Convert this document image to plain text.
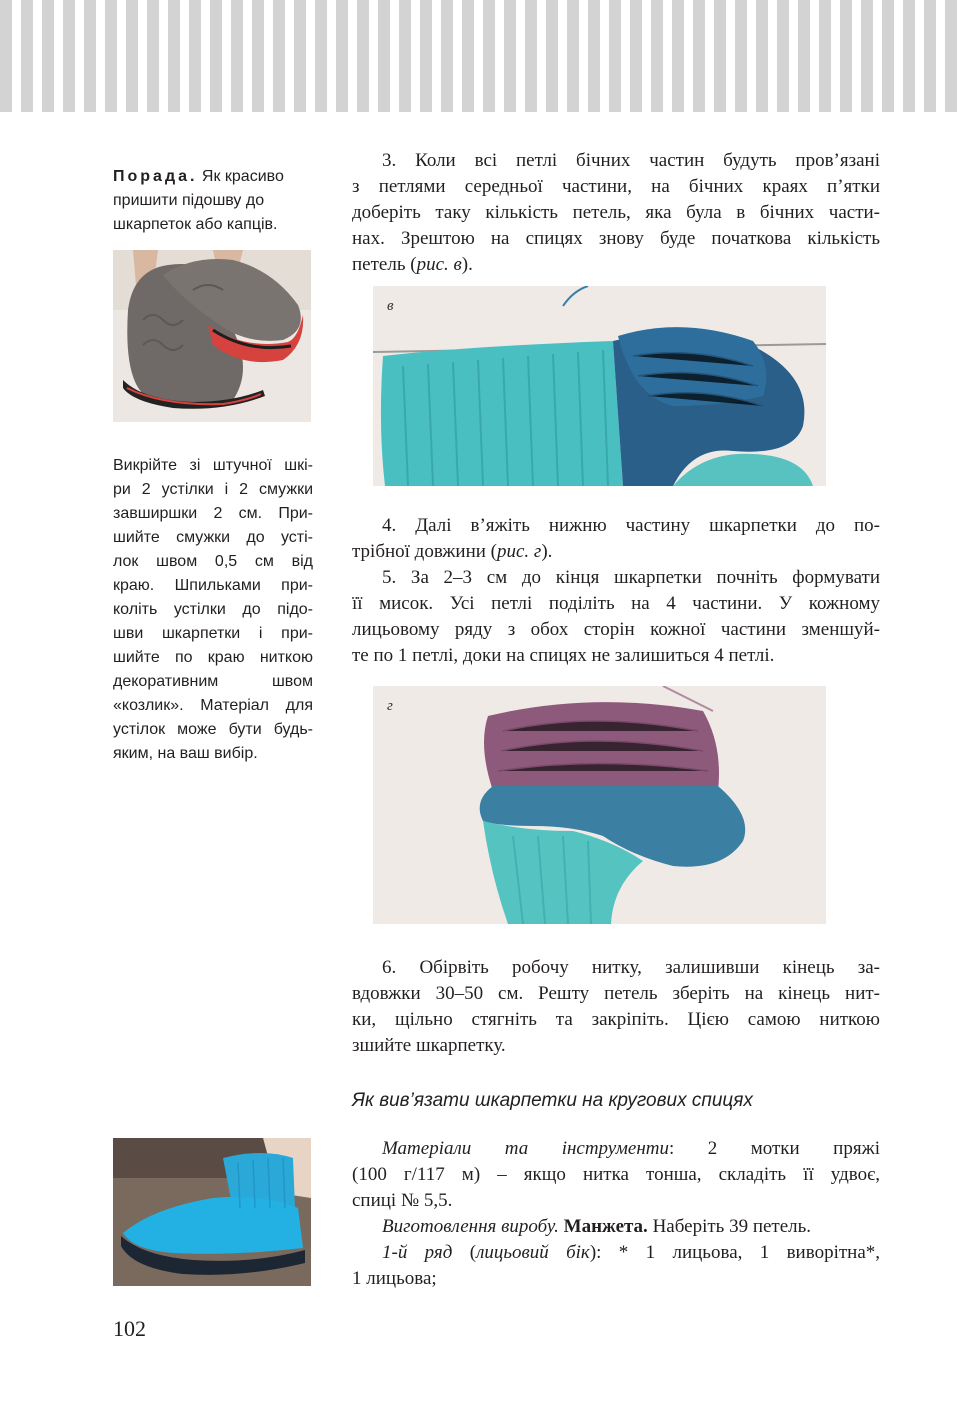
Порада. Як красиво
пришити підошву до
шкарпеток або капців.
Викрійте зі штучної шкі-
ри 2 устілки і 2 смужки
завширшки 2 см. При-
шийте смужки до усті-
лок швом 0,5 см від
краю. Шпильками при-
коліть устілки до підо-
шви шкарпетки і при-
шийте по краю ниткою
декоративним швом
«козлик». Матеріал для
устілок може бути будь-
яким, на ваш вибір.
3. Коли всі петлі бічних частин будуть пров’язані
з петлями середньої частини, на бічних краях п’ятки
доберіть таку кількість петель, яка була в бічних части-
нах. Зрештою на спицях знову буде початкова кількість
петель (рис. в).
в
4. Далі в’яжіть нижню частину шкарпетки до по-
трібної довжини (рис. г).
5. За 2–3 см до кінця шкарпетки почніть формувати
її мисок. Усі петлі поділіть на 4 частини. У кожному
лицьовому ряду з обох сторін кожної частини зменшуй-
те по 1 петлі, доки на спицях не залишиться 4 петлі.
г
6. Обірвіть робочу нитку, залишивши кінець за-
вдовжки 30–50 см. Решту петель зберіть на кінець нит-
ки, щільно стягніть та закріпіть. Цією самою ниткою
зшийте шкарпетку.
Як вив’язати шкарпетки на кругових спицях
Матеріали та інструменти: 2 мотки пряжі
(100 г/117 м) – якщо нитка тонша, складіть її удвоє,
спиці № 5,5.
Виготовлення виробу. Манжета. Наберіть 39 петель.
1-й ряд (лицьовий бік): * 1 лицьова, 1 виворітна*,
1 лицьова;
102
